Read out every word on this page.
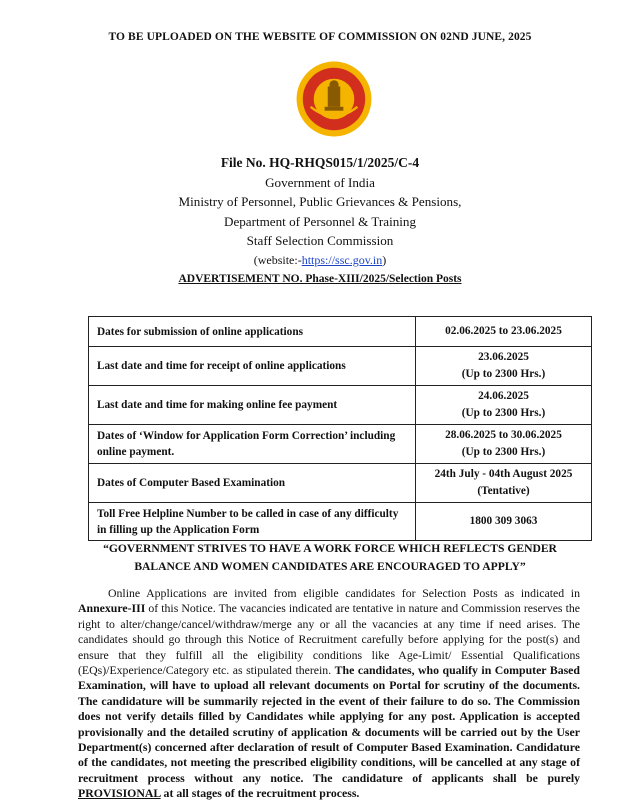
TO BE UPLOADED ON THE WEBSITE OF COMMISSION ON 02ND JUNE, 2025
File No. HQ-RHQS015/1/2025/C-4
Government of India
Ministry of Personnel, Public Grievances & Pensions,
Department of Personnel & Training
Staff Selection Commission
(website:-https://ssc.gov.in)
ADVERTISEMENT NO. Phase-XIII/2025/Selection Posts
Dates for submission of online applications	02.06.2025 to 23.06.2025

Last date and time for receipt of online applications	23.06.2025
(Up to 2300 Hrs.)

Last date and time for making online fee payment	24.06.2025
(Up to 2300 Hrs.)

Dates of ‘Window for Application Form Correction’ including online payment.	28.06.2025 to 30.06.2025
(Up to 2300 Hrs.)

Dates of Computer Based Examination	24th July - 04th August 2025
(Tentative)

Toll Free Helpline Number to be called in case of any difficulty in filling up the Application Form	1800 309 3063
“GOVERNMENT STRIVES TO HAVE A WORK FORCE WHICH REFLECTS GENDER
BALANCE AND WOMEN CANDIDATES ARE ENCOURAGED TO APPLY”
Online Applications are invited from eligible candidates for Selection Posts as indicated in Annexure-III of this Notice. The vacancies indicated are tentative in nature and Commission reserves the right to alter/change/cancel/withdraw/merge any or all the vacancies at any time if need arises. The candidates should go through this Notice of Recruitment carefully before applying for the post(s) and ensure that they fulfill all the eligibility conditions like Age-Limit/ Essential Qualifications (EQs)/Experience/Category etc. as stipulated therein. The candidates, who qualify in Computer Based Examination, will have to upload all relevant documents on Portal for scrutiny of the documents. The candidature will be summarily rejected in the event of their failure to do so. The Commission does not verify details filled by Candidates while applying for any post. Application is accepted provisionally and the detailed scrutiny of application & documents will be carried out by the User Department(s) concerned after declaration of result of Computer Based Examination. Candidature of the candidates, not meeting the prescribed eligibility conditions, will be cancelled at any stage of recruitment process without any notice. The candidature of applicants shall be purely PROVISIONAL at all stages of the recruitment process.
